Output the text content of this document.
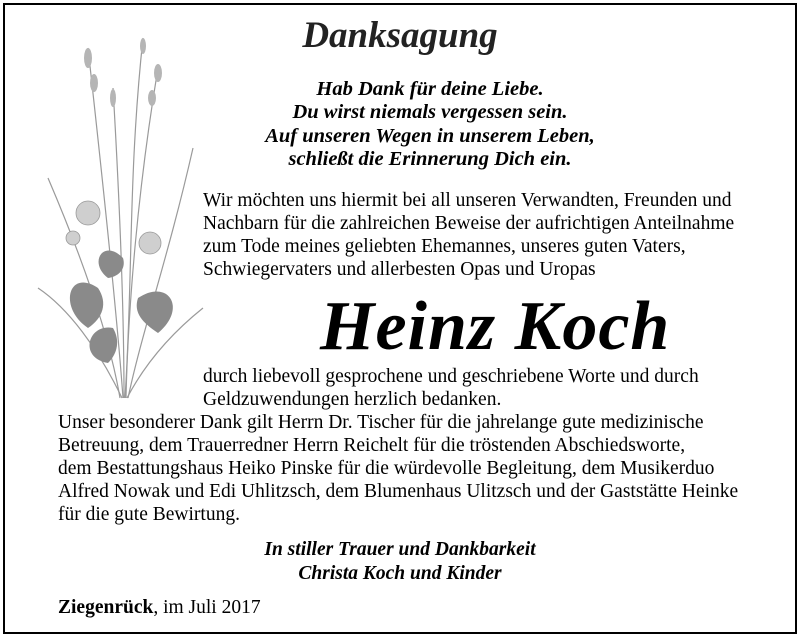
Danksagung
Hab Dank für deine Liebe.
Du wirst niemals vergessen sein.
Auf unseren Wegen in unserem Leben,
schließt die Erinnerung Dich ein.
Wir möchten uns hiermit bei all unseren Verwandten, Freunden und
Nachbarn für die zahlreichen Beweise der aufrichtigen Anteilnahme
zum Tode meines geliebten Ehemannes, unseres guten Vaters,
Schwiegervaters und allerbesten Opas und Uropas
Heinz Koch
durch liebevoll gesprochene und geschriebene Worte und durch
Geldzuwendungen herzlich bedanken.
Unser besonderer Dank gilt Herrn Dr. Tischer für die jahrelange gute medizinische
Betreuung, dem Trauerredner Herrn Reichelt für die tröstenden Abschiedsworte,
dem Bestattungshaus Heiko Pinske für die würdevolle Begleitung, dem Musikerduo
Alfred Nowak und Edi Uhlitzsch, dem Blumenhaus Ulitzsch und der Gaststätte Heinke
für die gute Bewirtung.
In stiller Trauer und Dankbarkeit
Christa Koch und Kinder
Ziegenrück, im Juli 2017
